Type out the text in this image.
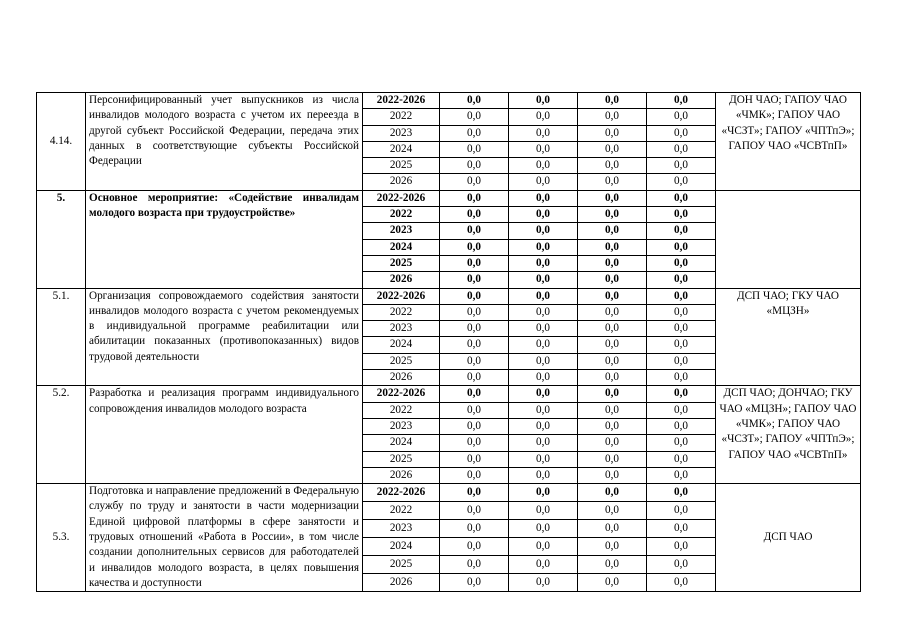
4.14.	Персонифицированный учет выпускников из числа инвалидов молодого возраста с учетом их переезда в другой субъект Российской Федерации, передача этих данных в соответствующие субъекты Российской Федерации	2022-2026	0,0	0,0	0,0	0,0	ДОН ЧАО; ГАПОУ ЧАО «ЧМК»; ГАПОУ ЧАО «ЧСЗТ»; ГАПОУ «ЧПТпЭ»; ГАПОУ ЧАО «ЧСВТпП»
		2022	0,0	0,0	0,0	0,0	
		2023	0,0	0,0	0,0	0,0	
		2024	0,0	0,0	0,0	0,0	
		2025	0,0	0,0	0,0	0,0	
		2026	0,0	0,0	0,0	0,0	
5.	Основное мероприятие: «Содействие инвалидам молодого возраста при трудоустройстве»	2022-2026	0,0	0,0	0,0	0,0	
		2022	0,0	0,0	0,0	0,0	
		2023	0,0	0,0	0,0	0,0	
		2024	0,0	0,0	0,0	0,0	
		2025	0,0	0,0	0,0	0,0	
		2026	0,0	0,0	0,0	0,0	
5.1.	Организация сопровождаемого содействия занятости инвалидов молодого возраста с учетом рекомендуемых в индивидуальной программе реабилитации или абилитации показанных (противопоказанных) видов трудовой деятельности	2022-2026	0,0	0,0	0,0	0,0	ДСП ЧАО; ГКУ ЧАО «МЦЗН»
		2022	0,0	0,0	0,0	0,0	
		2023	0,0	0,0	0,0	0,0	
		2024	0,0	0,0	0,0	0,0	
		2025	0,0	0,0	0,0	0,0	
		2026	0,0	0,0	0,0	0,0	
5.2.	Разработка и реализация программ индивидуального сопровождения инвалидов молодого возраста	2022-2026	0,0	0,0	0,0	0,0	ДСП ЧАО; ДОНЧАО; ГКУ ЧАО «МЦЗН»; ГАПОУ ЧАО «ЧМК»; ГАПОУ ЧАО «ЧСЗТ»; ГАПОУ «ЧПТпЭ»; ГАПОУ ЧАО «ЧСВТпП»
		2022	0,0	0,0	0,0	0,0	
		2023	0,0	0,0	0,0	0,0	
		2024	0,0	0,0	0,0	0,0	
		2025	0,0	0,0	0,0	0,0	
		2026	0,0	0,0	0,0	0,0	
5.3.	Подготовка и направление предложений в Федеральную службу по труду и занятости в части модернизации Единой цифровой платформы в сфере занятости и трудовых отношений «Работа в России», в том числе создании дополнительных сервисов для работодателей и инвалидов молодого возраста, в целях повышения качества и доступности	2022-2026	0,0	0,0	0,0	0,0	ДСП ЧАО
		2022	0,0	0,0	0,0	0,0	
		2023	0,0	0,0	0,0	0,0	
		2024	0,0	0,0	0,0	0,0	
		2025	0,0	0,0	0,0	0,0	
		2026	0,0	0,0	0,0	0,0	
